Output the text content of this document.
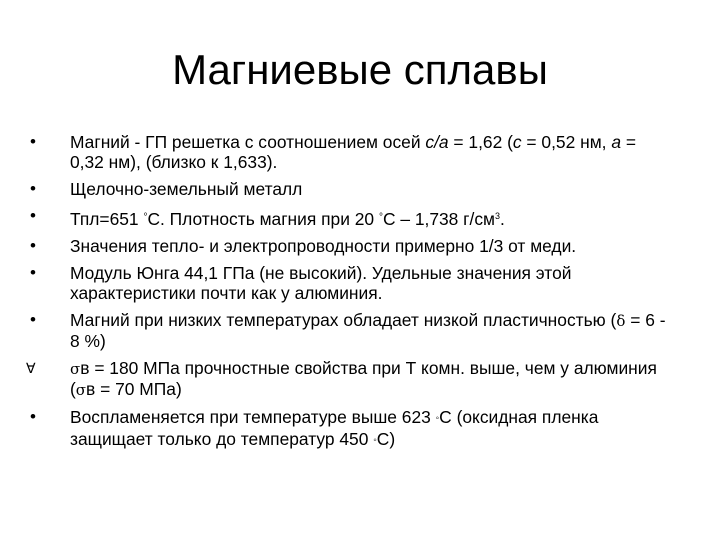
Магниевые сплавы
•	Магний - ГП решетка с соотношением осей c/a = 1,62 (c = 0,52 нм, a = 0,32 нм), (близко к 1,633).
•	Щелочно-земельный металл
•	Тпл=651 °С. Плотность магния при 20 °С – 1,738 $г/см^3$.
•	Значения тепло- и электропроводности примерно 1/3 от меди.
•	Модуль Юнга 44,1 ГПа (не высокий). Удельные значения этой характеристики почти как у алюминия.
•	Магний при низких температурах обладает низкой пластичностью (δ = 6 - 8 %)
∀	σв = 180 МПа прочностные свойства при Т комн. выше, чем у алюминия (σв = 70 МПа)
•	Воспламеняется при температуре выше 623 ◦С (оксидная пленка защищает только до температур 450 ◦С)
